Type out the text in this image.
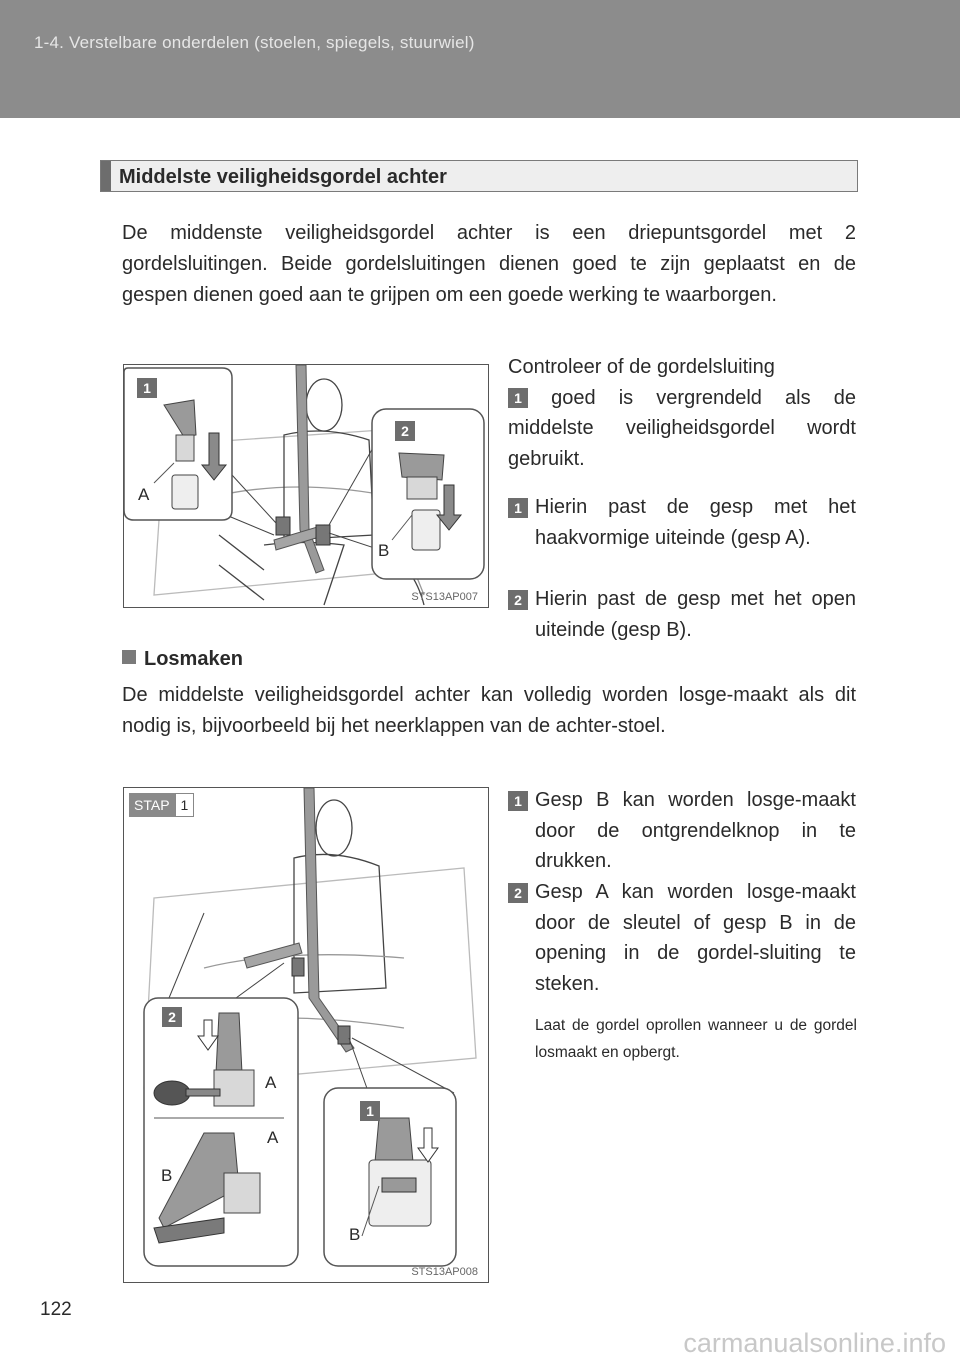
1-4. Verstelbare onderdelen (stoelen, spiegels, stuurwiel)
Middelste veiligheidsgordel achter
De middenste veiligheidsgordel achter is een driepuntsgordel met 2 gordelsluitingen. Beide gordelsluitingen dienen goed te zijn geplaatst en de gespen dienen goed aan te grijpen om een goede werking te waarborgen.
1
2
A
B
STS13AP007
Controleer of de gordelsluiting
1 goed is vergrendeld als de middelste veiligheidsgordel wordt gebruikt.
1 Hierin past de gesp met het haakvormige uiteinde (gesp A).
2 Hierin past de gesp met het open uiteinde (gesp B).
Losmaken
De middelste veiligheidsgordel achter kan volledig worden losge-maakt als dit nodig is, bijvoorbeeld bij het neerklappen van de achter-stoel.
STAP 1
2
1
A
A
B
B
STS13AP008
1 Gesp B kan worden losge-maakt door de ontgrendelknop in te drukken.
2 Gesp A kan worden losge-maakt door de sleutel of gesp B in de opening in de gordel-sluiting te steken.
Laat de gordel oprollen wanneer u de gordel losmaakt en opbergt.
122
carmanualsonline.info
